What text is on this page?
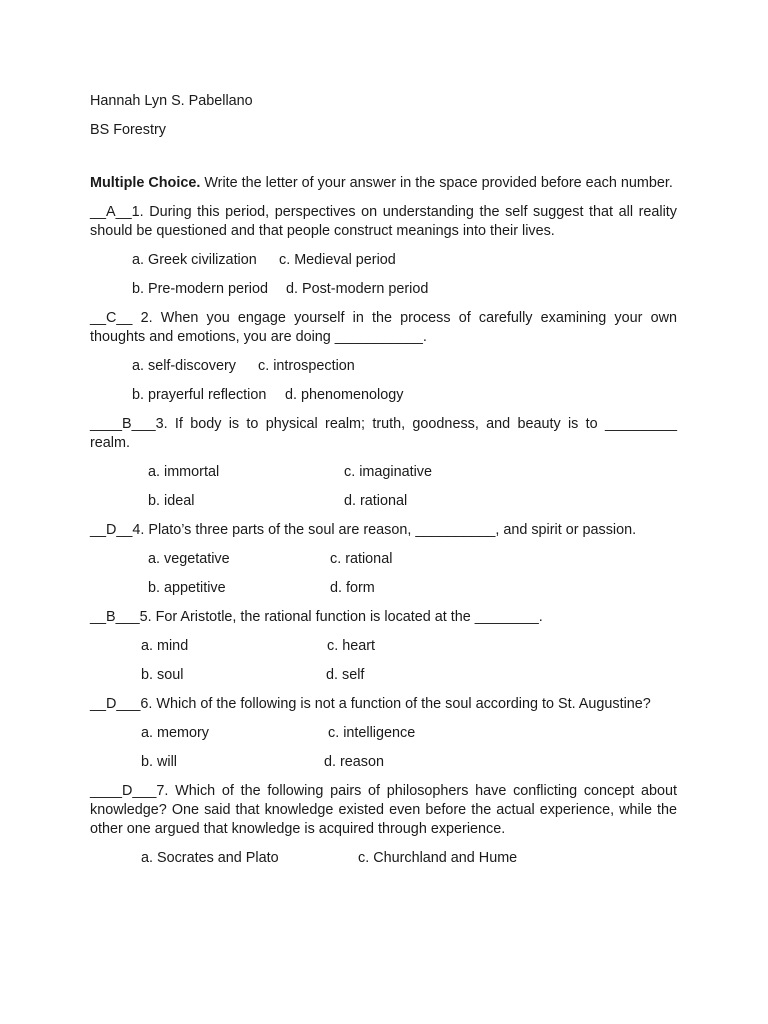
Hannah Lyn S. Pabellano

BS Forestry

Multiple Choice. Write the letter of your answer in the space provided before each number.

__A__1. During this period, perspectives on understanding the self suggest that all reality should be questioned and that people construct meanings into their lives.

a. Greek civilization c. Medieval period
b. Pre-modern period d. Post-modern period

__C__ 2. When you engage yourself in the process of carefully examining your own thoughts and emotions, you are doing ___________.

a. self-discovery c. introspection
b. prayerful reflection d. phenomenology

____B___3. If body is to physical realm; truth, goodness, and beauty is to _________ realm.

a. immortal	c. imaginative
b. ideal	d. rational

__D__4. Plato’s three parts of the soul are reason, __________, and spirit or passion.

a. vegetative	c. rational
b. appetitive	d. form

__B___5. For Aristotle, the rational function is located at the ________.

a. mind	c. heart
b. soul	d. self

__D___6. Which of the following is not a function of the soul according to St. Augustine?

a. memory	c. intelligence
b. will	d. reason

____D___7. Which of the following pairs of philosophers have conflicting concept about knowledge? One said that knowledge existed even before the actual experience, while the other one argued that knowledge is acquired through experience.

a. Socrates and Plato	c. Churchland and Hume
